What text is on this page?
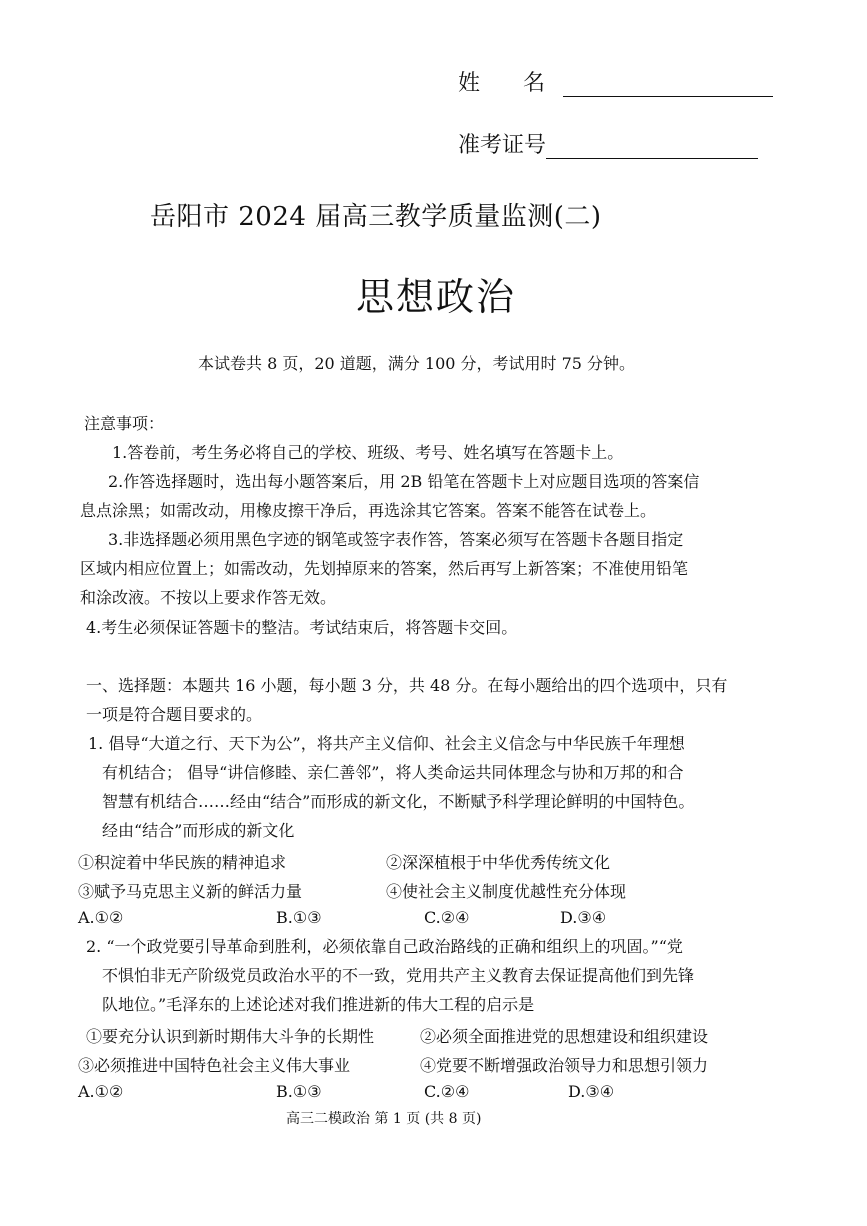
姓 名
准考证号
岳阳市 2024 届高三教学质量监测(二)
思想政治
本试卷共 8 页，20 道题，满分 100 分，考试用时 75 分钟。
注意事项：
1.答卷前，考生务必将自己的学校、班级、考号、姓名填写在答题卡上。
2.作答选择题时，选出每小题答案后，用 2B 铅笔在答题卡上对应题目选项的答案信
息点涂黑；如需改动，用橡皮擦干净后，再选涂其它答案。答案不能答在试卷上。
3.非选择题必须用黑色字迹的钢笔或签字表作答，答案必须写在答题卡各题目指定
区域内相应位置上；如需改动，先划掉原来的答案，然后再写上新答案；不准使用铅笔
和涂改液。不按以上要求作答无效。
4.考生必须保证答题卡的整洁。考试结束后，将答题卡交回。
一、选择题：本题共 16 小题，每小题 3 分，共 48 分。在每小题给出的四个选项中，只有
一项是符合题目要求的。
1. 倡导“大道之行、天下为公”，将共产主义信仰、社会主义信念与中华民族千年理想
有机结合； 倡导“讲信修睦、亲仁善邻”，将人类命运共同体理念与协和万邦的和合
智慧有机结合……经由“结合”而形成的新文化，不断赋予科学理论鲜明的中国特色。
经由“结合”而形成的新文化
①积淀着中华民族的精神追求	②深深植根于中华优秀传统文化
③赋予马克思主义新的鲜活力量	④使社会主义制度优越性充分体现
A.①②	B.①③	C.②④	D.③④
2. “一个政党要引导革命到胜利，必须依靠自己政治路线的正确和组织上的巩固。”“党
不惧怕非无产阶级党员政治水平的不一致，党用共产主义教育去保证提高他们到先锋
队地位。”毛泽东的上述论述对我们推进新的伟大工程的启示是
①要充分认识到新时期伟大斗争的长期性	②必须全面推进党的思想建设和组织建设
③必须推进中国特色社会主义伟大事业	④党要不断增强政治领导力和思想引领力
A.①②	B.①③	C.②④	D.③④
高三二模政治 第 1 页 (共 8 页)
